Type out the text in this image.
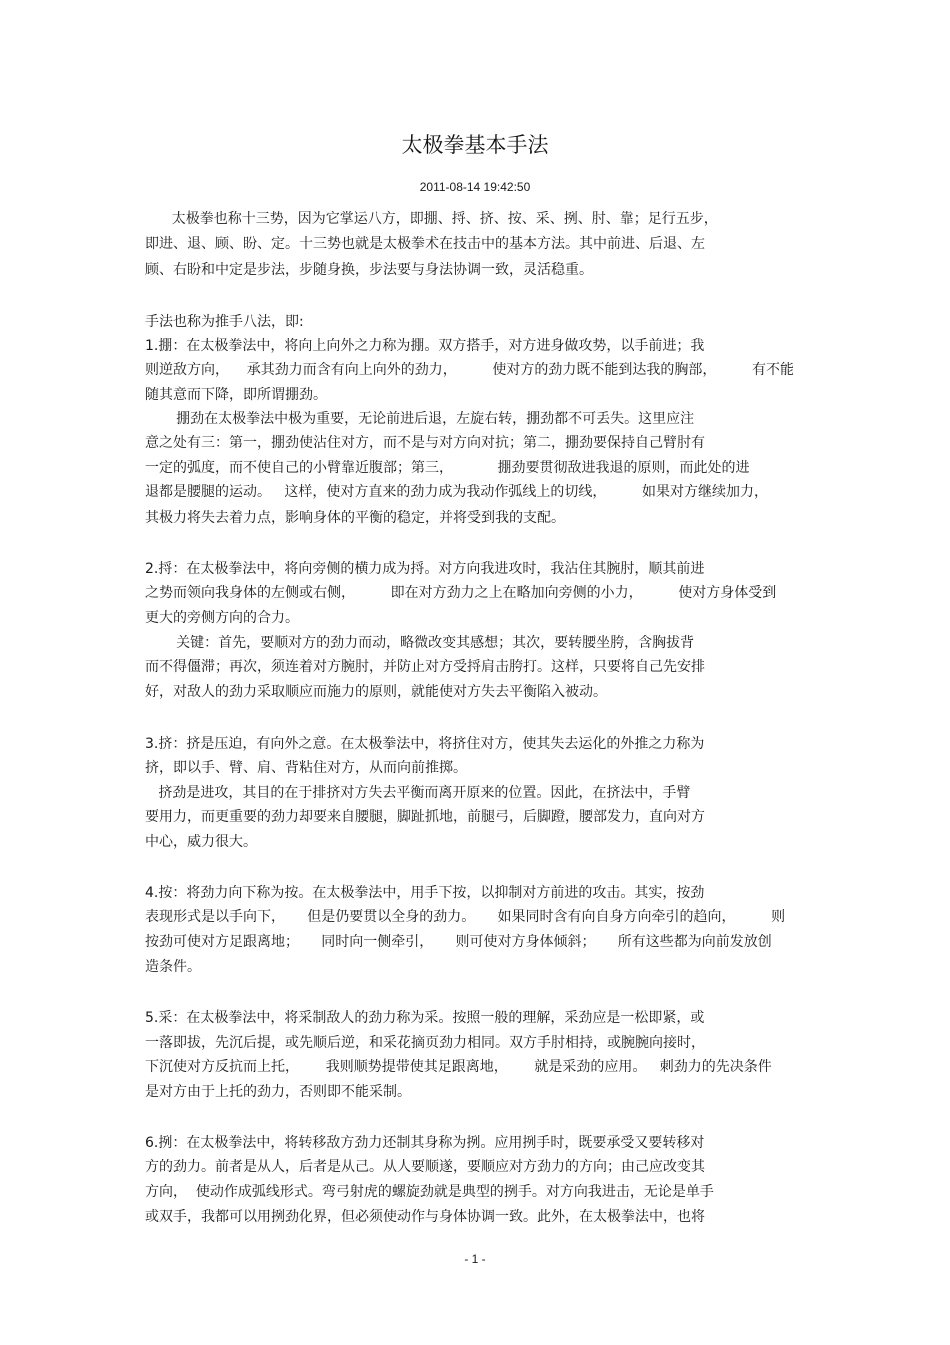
太极拳基本手法
2011-08-14 19:42:50
太极拳也称十三势，因为它掌运八方，即掤、捋、挤、按、采、挒、肘、靠；足行五步，
即进、退、顾、盼、定。十三势也就是太极拳术在技击中的基本方法。其中前进、后退、左
顾、右盼和中定是步法，步随身换，步法要与身法协调一致，灵活稳重。
手法也称为推手八法，即:
1.掤：在太极拳法中，将向上向外之力称为掤。双方搭手，对方进身做攻势，以手前进；我
则逆敌方向，    承其劲力而含有向上向外的劲力，        使对方的劲力既不能到达我的胸部，        有不能
随其意而下降，即所谓掤劲。
掤劲在太极拳法中极为重要，无论前进后退，左旋右转，掤劲都不可丢失。这里应注
意之处有三：第一，掤劲使沾住对方，而不是与对方向对抗；第二，掤劲要保持自己臂肘有
一定的弧度，而不使自己的小臂靠近腹部；第三，          掤劲要贯彻敌进我退的原则，而此处的进
退都是腰腿的运动。   这样，使对方直来的劲力成为我动作弧线上的切线，        如果对方继续加力，
其极力将失去着力点，影响身体的平衡的稳定，并将受到我的支配。
2.捋：在太极拳法中，将向旁侧的横力成为捋。对方向我进攻时，我沾住其腕肘，顺其前进
之势而领向我身体的左侧或右侧，        即在对方劲力之上在略加向旁侧的小力，        使对方身体受到
更大的旁侧方向的合力。
关键：首先，要顺对方的劲力而动，略微改变其感想；其次，要转腰坐胯，含胸拔背
而不得僵滞；再次，须连着对方腕肘，并防止对方受捋肩击胯打。这样，只要将自己先安排
好，对敌人的劲力采取顺应而施力的原则，就能使对方失去平衡陷入被动。
3.挤：挤是压迫，有向外之意。在太极拳法中，将挤住对方，使其失去运化的外推之力称为
挤，即以手、臂、肩、背粘住对方，从而向前推掷。
挤劲是进攻，其目的在于排挤对方失去平衡而离开原来的位置。因此，在挤法中，手臂
要用力，而更重要的劲力却要来自腰腿，脚趾抓地，前腿弓，后脚蹬，腰部发力，直向对方
中心，威力很大。
4.按：将劲力向下称为按。在太极拳法中，用手下按，以抑制对方前进的攻击。其实，按劲
表现形式是以手向下，     但是仍要贯以全身的劲力。     如果同时含有向自身方向牵引的趋向，        则
按劲可使对方足跟离地；     同时向一侧牵引，     则可使对方身体倾斜；     所有这些都为向前发放创
造条件。
5.采：在太极拳法中，将采制敌人的劲力称为采。按照一般的理解，采劲应是一松即紧，或
一落即拔，先沉后提，或先顺后逆，和采花摘页劲力相同。双方手肘相持，或腕腕向接时，
下沉使对方反抗而上托，      我则顺势提带使其足跟离地，      就是采劲的应用。   刺劲力的先决条件
是对方由于上托的劲力，否则即不能采制。
6.挒：在太极拳法中，将转移敌方劲力还制其身称为挒。应用挒手时，既要承受又要转移对
方的劲力。前者是从人，后者是从己。从人要顺遂，要顺应对方劲力的方向；由己应改变其
方向，  使动作成弧线形式。弯弓射虎的螺旋劲就是典型的挒手。对方向我进击，无论是单手
或双手，我都可以用挒劲化界，但必须使动作与身体协调一致。此外，在太极拳法中，也将
- 1 -
